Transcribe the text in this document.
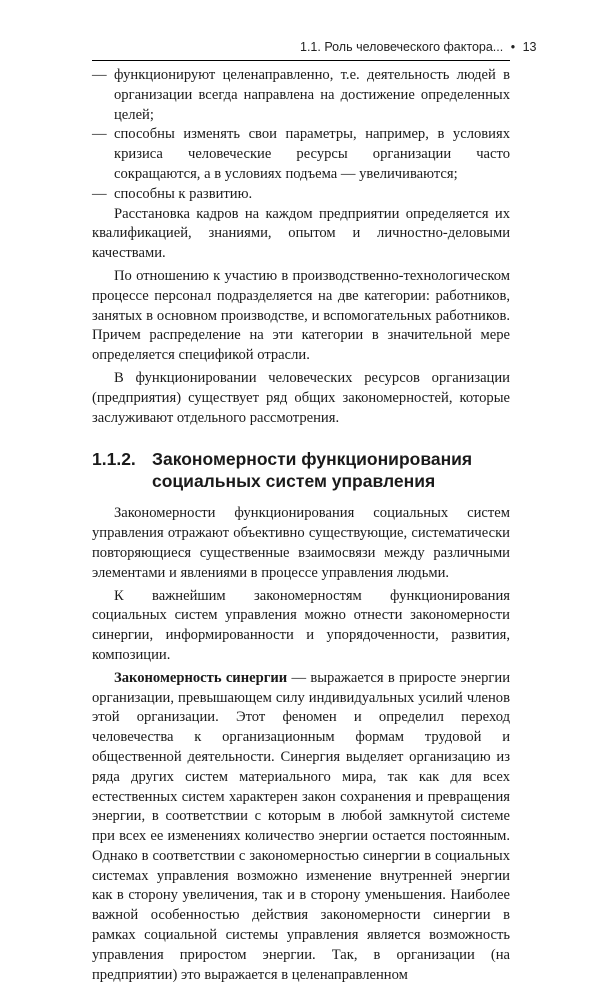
1.1. Роль человеческого фактора... • 13
— функционируют целенаправленно, т.е. деятельность людей в организации всегда направлена на достижение определенных целей;
— способны изменять свои параметры, например, в условиях кризиса человеческие ресурсы организации часто сокращаются, а в условиях подъема — увеличиваются;
— способны к развитию.

Расстановка кадров на каждом предприятии определяется их квалификацией, знаниями, опытом и личностно-деловыми качествами.

По отношению к участию в производственно-технологическом процессе персонал подразделяется на две категории: работников, занятых в основном производстве, и вспомогательных работников. Причем распределение на эти категории в значительной мере определяется спецификой отрасли.

В функционировании человеческих ресурсов организации (предприятия) существует ряд общих закономерностей, которые заслуживают отдельного рассмотрения.

1.1.2. Закономерности функционирования социальных систем управления

Закономерности функционирования социальных систем управления отражают объективно существующие, систематически повторяющиеся существенные взаимосвязи между различными элементами и явлениями в процессе управления людьми.

К важнейшим закономерностям функционирования социальных систем управления можно отнести закономерности синергии, информированности и упорядоченности, развития, композиции.

Закономерность синергии — выражается в приросте энергии организации, превышающем силу индивидуальных усилий членов этой организации. Этот феномен и определил переход человечества к организационным формам трудовой и общественной деятельности. Синергия выделяет организацию из ряда других систем материального мира, так как для всех естественных систем характерен закон сохранения и превращения энергии, в соответствии с которым в любой замкнутой системе при всех ее изменениях количество энергии остается постоянным. Однако в соответствии с закономерностью синергии в социальных системах управления возможно изменение внутренней энергии как в сторону увеличения, так и в сторону уменьшения. Наиболее важной особенностью действия закономерности синергии в рамках социальной системы управления является возможность управления приростом энергии. Так, в организации (на предприятии) это выражается в целенаправленном
